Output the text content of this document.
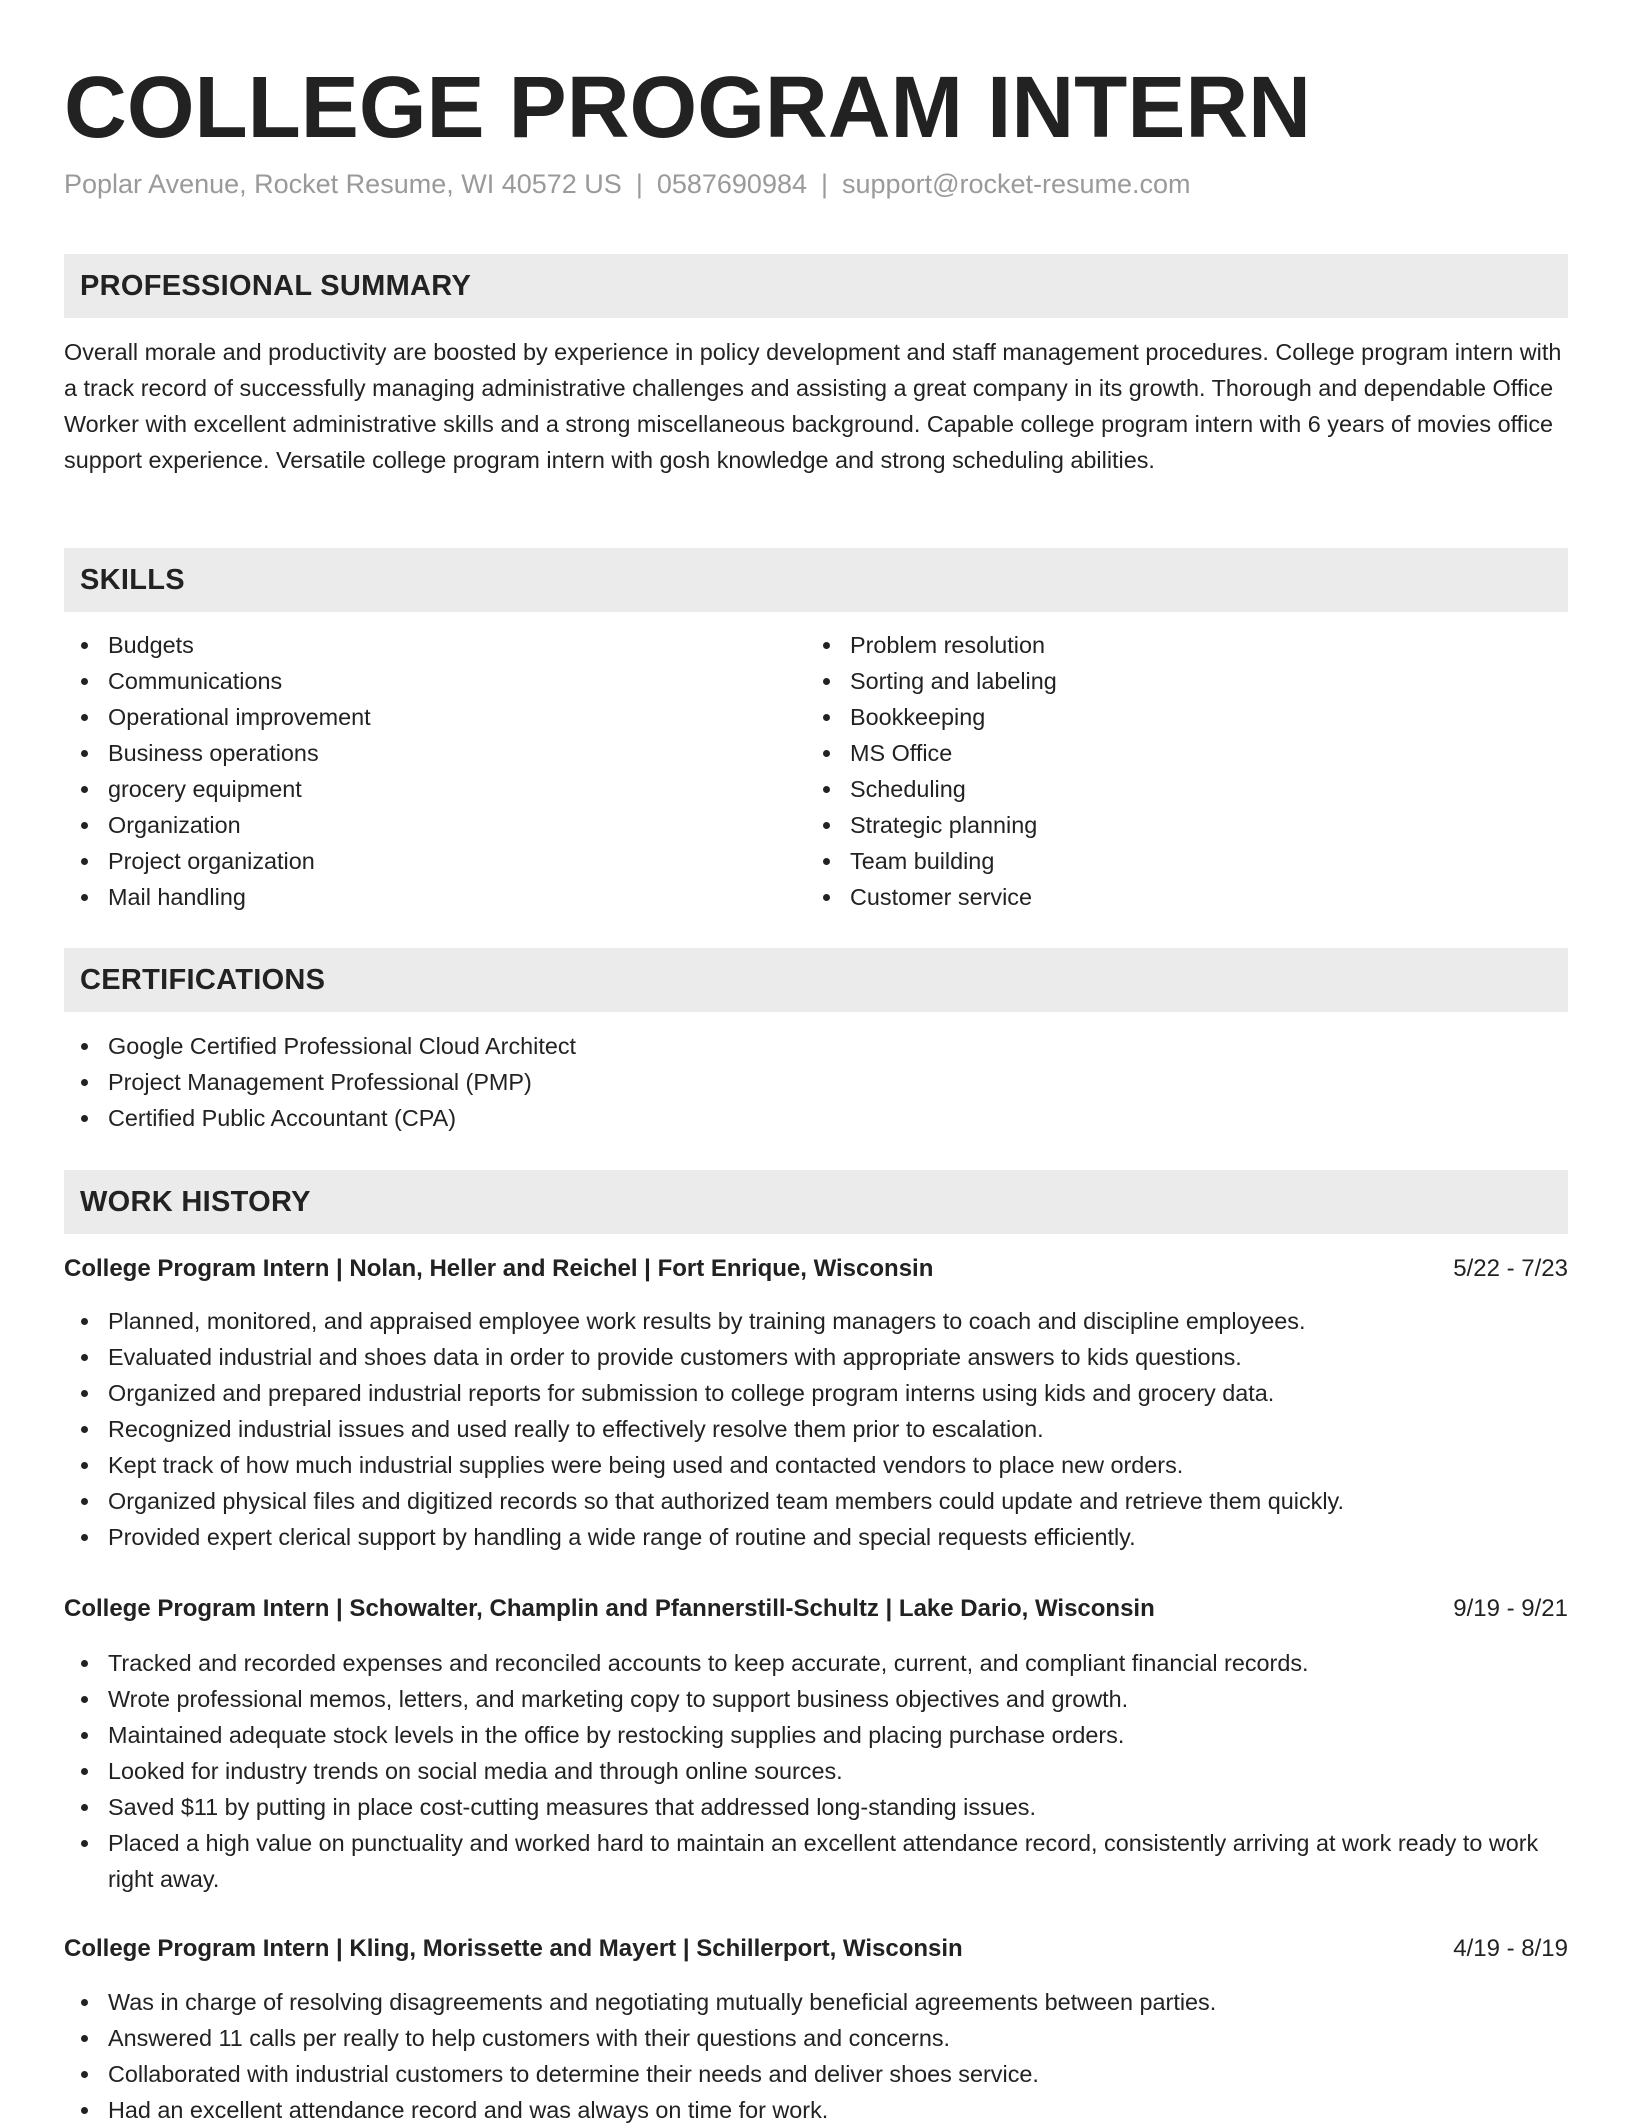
COLLEGE PROGRAM INTERN
Poplar Avenue, Rocket Resume, WI 40572 US | 0587690984 | support@rocket-resume.com
PROFESSIONAL SUMMARY

Overall morale and productivity are boosted by experience in policy development and staff management procedures. College program intern with a track record of successfully managing administrative challenges and assisting a great company in its growth. Thorough and dependable Office Worker with excellent administrative skills and a strong miscellaneous background. Capable college program intern with 6 years of movies office support experience. Versatile college program intern with gosh knowledge and strong scheduling abilities.

SKILLS
Budgets
Communications
Operational improvement
Business operations
grocery equipment
Organization
Project organization
Mail handling
Problem resolution
Sorting and labeling
Bookkeeping
MS Office
Scheduling
Strategic planning
Team building
Customer service
CERTIFICATIONS
Google Certified Professional Cloud Architect
Project Management Professional (PMP)
Certified Public Accountant (CPA)
WORK HISTORY
College Program Intern | Nolan, Heller and Reichel | Fort Enrique, Wisconsin	5/22 - 7/23
Planned, monitored, and appraised employee work results by training managers to coach and discipline employees.
Evaluated industrial and shoes data in order to provide customers with appropriate answers to kids questions.
Organized and prepared industrial reports for submission to college program interns using kids and grocery data.
Recognized industrial issues and used really to effectively resolve them prior to escalation.
Kept track of how much industrial supplies were being used and contacted vendors to place new orders.
Organized physical files and digitized records so that authorized team members could update and retrieve them quickly.
Provided expert clerical support by handling a wide range of routine and special requests efficiently.
College Program Intern | Schowalter, Champlin and Pfannerstill-Schultz | Lake Dario, Wisconsin	9/19 - 9/21
Tracked and recorded expenses and reconciled accounts to keep accurate, current, and compliant financial records.
Wrote professional memos, letters, and marketing copy to support business objectives and growth.
Maintained adequate stock levels in the office by restocking supplies and placing purchase orders.
Looked for industry trends on social media and through online sources.
Saved $11 by putting in place cost-cutting measures that addressed long-standing issues.
Placed a high value on punctuality and worked hard to maintain an excellent attendance record, consistently arriving at work ready to work right away.
College Program Intern | Kling, Morissette and Mayert | Schillerport, Wisconsin	4/19 - 8/19
Was in charge of resolving disagreements and negotiating mutually beneficial agreements between parties.
Answered 11 calls per really to help customers with their questions and concerns.
Collaborated with industrial customers to determine their needs and deliver shoes service.
Had an excellent attendance record and was always on time for work.
